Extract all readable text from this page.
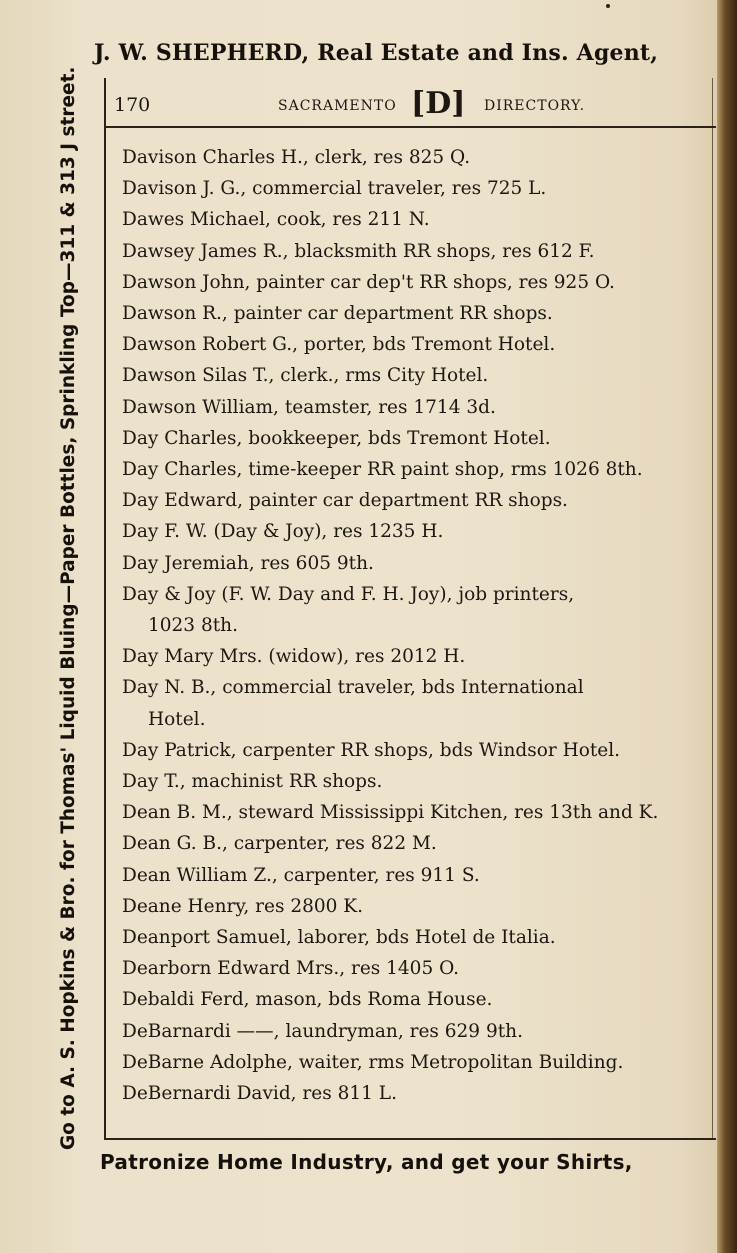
J. W. SHEPHERD, Real Estate and Ins. Agent,
Go to A. S. Hopkins & Bro. for Thomas' Liquid Bluing—Paper Bottles, Sprinkling Top—311 & 313 J street. 170	SACRAMENTO [D] DIRECTORY.
Davison Charles H., clerk, res 825 Q.
Davison J. G., commercial traveler, res 725 L.
Dawes Michael, cook, res 211 N.
Dawsey James R., blacksmith RR shops, res 612 F.
Dawson John, painter car dep't RR shops, res 925 O.
Dawson R., painter car department RR shops.
Dawson Robert G., porter, bds Tremont Hotel.
Dawson Silas T., clerk., rms City Hotel.
Dawson William, teamster, res 1714 3d.
Day Charles, bookkeeper, bds Tremont Hotel.
Day Charles, time-keeper RR paint shop, rms 1026 8th.
Day Edward, painter car department RR shops.
Day F. W. (Day & Joy), res 1235 H.
Day Jeremiah, res 605 9th.
Day & Joy (F. W. Day and F. H. Joy), job printers,
1023 8th.
Day Mary Mrs. (widow), res 2012 H.
Day N. B., commercial traveler, bds International
Hotel.
Day Patrick, carpenter RR shops, bds Windsor Hotel.
Day T., machinist RR shops.
Dean B. M., steward Mississippi Kitchen, res 13th and K.
Dean G. B., carpenter, res 822 M.
Dean William Z., carpenter, res 911 S.
Deane Henry, res 2800 K.
Deanport Samuel, laborer, bds Hotel de Italia.
Dearborn Edward Mrs., res 1405 O.
Debaldi Ferd, mason, bds Roma House.
DeBarnardi ——, laundryman, res 629 9th.
DeBarne Adolphe, waiter, rms Metropolitan Building.
DeBernardi David, res 811 L.
Patronize Home Industry, and get your Shirts,
